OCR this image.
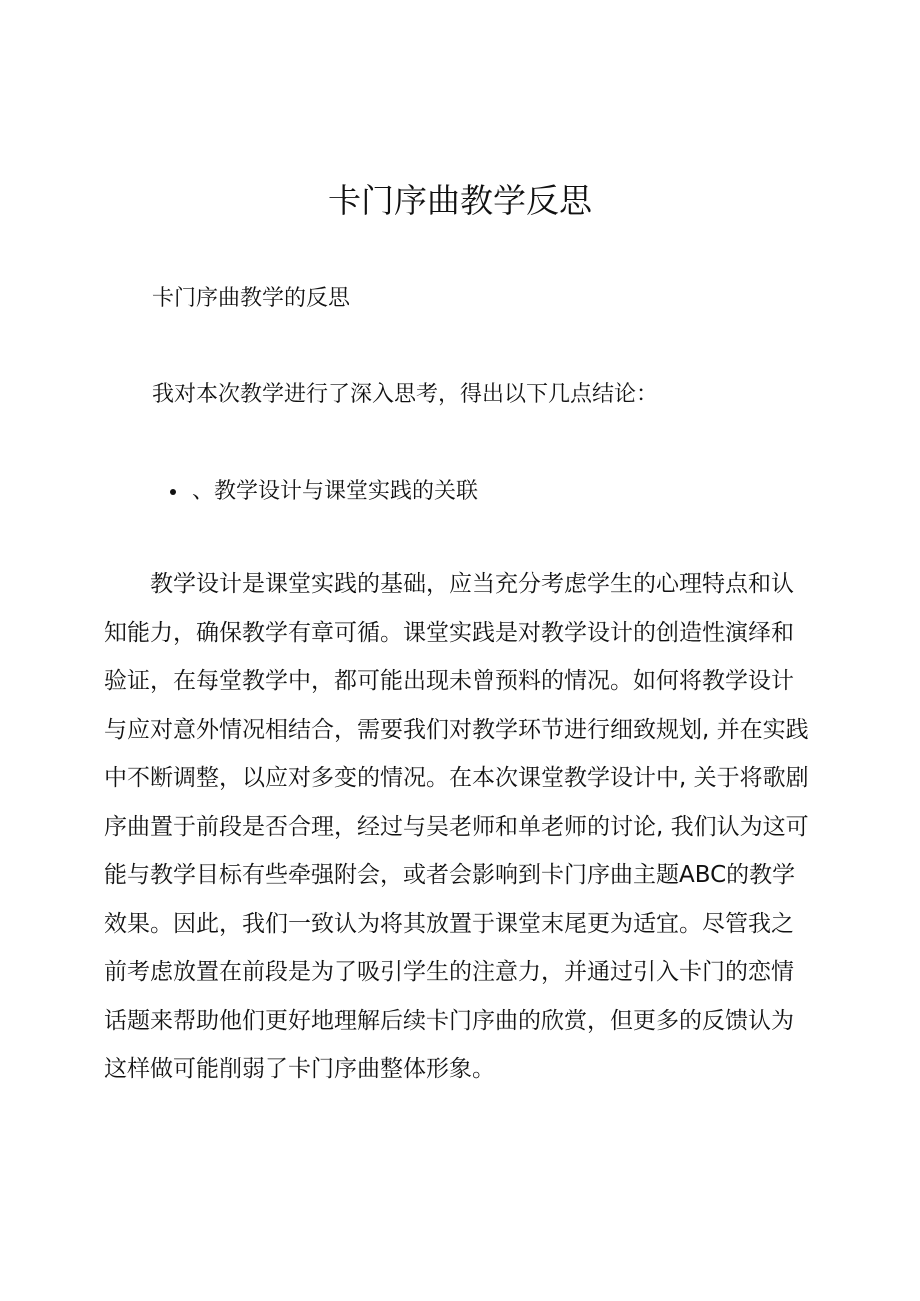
卡门序曲教学反思

卡门序曲教学的反思

我对本次教学进行了深入思考，得出以下几点结论：

、 教学设计与课堂实践的关联
教学设计是课堂实践的基础，应当充分考虑学生的心理特点和认
知能力，确保教学有章可循。课堂实践是对教学设计的创造性演绎和
验证，在每堂教学中，都可能出现未曾预料的情况。如何将教学设计
与应对意外情况相结合，需要我们对教学环节进行细致规划, 并在实践
中不断调整，以应对多变的情况。在本次课堂教学设计中, 关于将歌剧
序曲置于前段是否合理，经过与吴老师和单老师的讨论, 我们认为这可
能与教学目标有些牵强附会，或者会影响到卡门序曲主题ABC的教学
效果。因此，我们一致认为将其放置于课堂末尾更为适宜。尽管我之
前考虑放置在前段是为了吸引学生的注意力，并通过引入卡门的恋情
话题来帮助他们更好地理解后续卡门序曲的欣赏，但更多的反馈认为
这样做可能削弱了卡门序曲整体形象。
